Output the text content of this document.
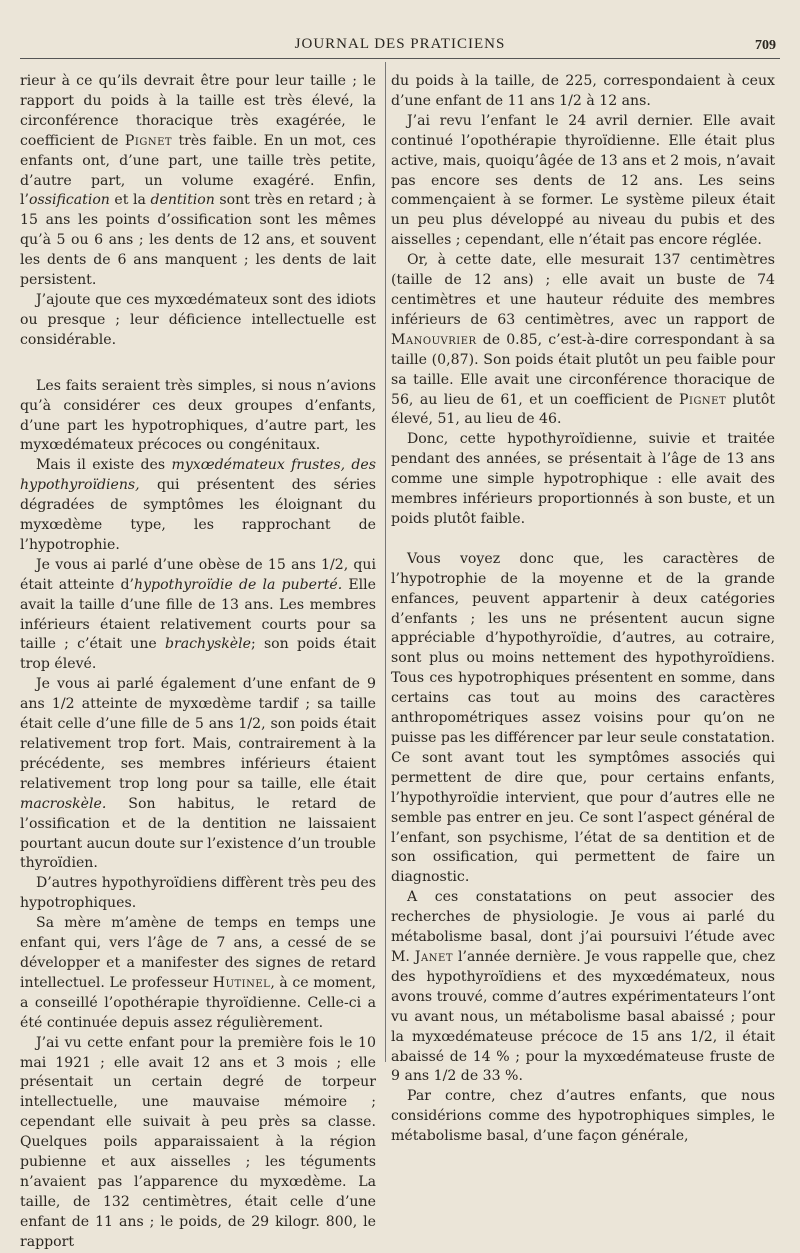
JOURNAL DES PRATICIENS	709

rieur à ce qu’ils devrait être pour leur taille ; le rapport du poids à la taille est très élevé, la circonférence thoracique très exagérée, le coefficient de Pignet très faible. En un mot, ces enfants ont, d’une part, une taille très petite, d’autre part, un volume exagéré. Enfin, l’ossification et la dentition sont très en retard ; à 15 ans les points d’ossification sont les mêmes qu’à 5 ou 6 ans ; les dents de 12 ans, et souvent les dents de 6 ans manquent ; les dents de lait persistent.

J’ajoute que ces myxœdémateux sont des idiots ou presque ; leur déficience intellectuelle est considérable.

Les faits seraient très simples, si nous n’avions qu’à considérer ces deux groupes d’enfants, d’une part les hypotrophiques, d’autre part, les myxœdémateux précoces ou congénitaux.

Mais il existe des myxœdémateux frustes, des hypothyroïdiens, qui présentent des séries dégradées de symptômes les éloignant du myxœdème type, les rapprochant de l’hypotrophie.

Je vous ai parlé d’une obèse de 15 ans 1/2, qui était atteinte d’hypothyroïdie de la puberté. Elle avait la taille d’une fille de 13 ans. Les membres inférieurs étaient relativement courts pour sa taille ; c’était une brachyskèle; son poids était trop élevé.

Je vous ai parlé également d’une enfant de 9 ans 1/2 atteinte de myxœdème tardif ; sa taille était celle d’une fille de 5 ans 1/2, son poids était relativement trop fort. Mais, contrairement à la précédente, ses membres inférieurs étaient relativement trop long pour sa taille, elle était macroskèle. Son habitus, le retard de l’ossification et de la dentition ne laissaient pourtant aucun doute sur l’existence d’un trouble thyroïdien.

D’autres hypothyroïdiens diffèrent très peu des hypotrophiques.

Sa mère m’amène de temps en temps une enfant qui, vers l’âge de 7 ans, a cessé de se développer et a manifester des signes de retard intellectuel. Le professeur Hutinel, à ce moment, a conseillé l’opothérapie thyroïdienne. Celle-ci a été continuée depuis assez régulièrement.

J’ai vu cette enfant pour la première fois le 10 mai 1921 ; elle avait 12 ans et 3 mois ; elle présentait un certain degré de torpeur intellectuelle, une mauvaise mémoire ; cependant elle suivait à peu près sa classe. Quelques poils apparaissaient à la région pubienne et aux aisselles ; les téguments n’avaient pas l’apparence du myxœdème. La taille, de 132 centimètres, était celle d’une enfant de 11 ans ; le poids, de 29 kilogr. 800, le rapport

du poids à la taille, de 225, correspondaient à ceux d’une enfant de 11 ans 1/2 à 12 ans.

J’ai revu l’enfant le 24 avril dernier. Elle avait continué l’opothérapie thyroïdienne. Elle était plus active, mais, quoiqu’âgée de 13 ans et 2 mois, n’avait pas encore ses dents de 12 ans. Les seins commençaient à se former. Le système pileux était un peu plus développé au niveau du pubis et des aisselles ; cependant, elle n’était pas encore réglée.

Or, à cette date, elle mesurait 137 centimètres (taille de 12 ans) ; elle avait un buste de 74 centimètres et une hauteur réduite des membres inférieurs de 63 centimètres, avec un rapport de Manouvrier de 0.85, c’est-à-dire correspondant à sa taille (0,87). Son poids était plutôt un peu faible pour sa taille. Elle avait une circonférence thoracique de 56, au lieu de 61, et un coefficient de Pignet plutôt élevé, 51, au lieu de 46.

Donc, cette hypothyroïdienne, suivie et traitée pendant des années, se présentait à l’âge de 13 ans comme une simple hypotrophique : elle avait des membres inférieurs proportionnés à son buste, et un poids plutôt faible.

Vous voyez donc que, les caractères de l’hypotrophie de la moyenne et de la grande enfances, peuvent appartenir à deux catégories d’enfants ; les uns ne présentent aucun signe appréciable d’hypothyroïdie, d’autres, au cotraire, sont plus ou moins nettement des hypothyroïdiens. Tous ces hypotrophiques présentent en somme, dans certains cas tout au moins des caractères anthropométriques assez voisins pour qu’on ne puisse pas les différencer par leur seule constatation. Ce sont avant tout les symptômes associés qui permettent de dire que, pour certains enfants, l’hypothyroïdie intervient, que pour d’autres elle ne semble pas entrer en jeu. Ce sont l’aspect général de l’enfant, son psychisme, l’état de sa dentition et de son ossification, qui permettent de faire un diagnostic.

A ces constatations on peut associer des recherches de physiologie. Je vous ai parlé du métabolisme basal, dont j’ai poursuivi l’étude avec M. Janet l’année dernière. Je vous rappelle que, chez des hypothyroïdiens et des myxœdémateux, nous avons trouvé, comme d’autres expérimentateurs l’ont vu avant nous, un métabolisme basal abaissé ; pour la myxœdémateuse précoce de 15 ans 1/2, il était abaissé de 14 % ; pour la myxœdémateuse fruste de 9 ans 1/2 de 33 %.

Par contre, chez d’autres enfants, que nous considérions comme des hypotrophiques simples, le métabolisme basal, d’une façon générale,
